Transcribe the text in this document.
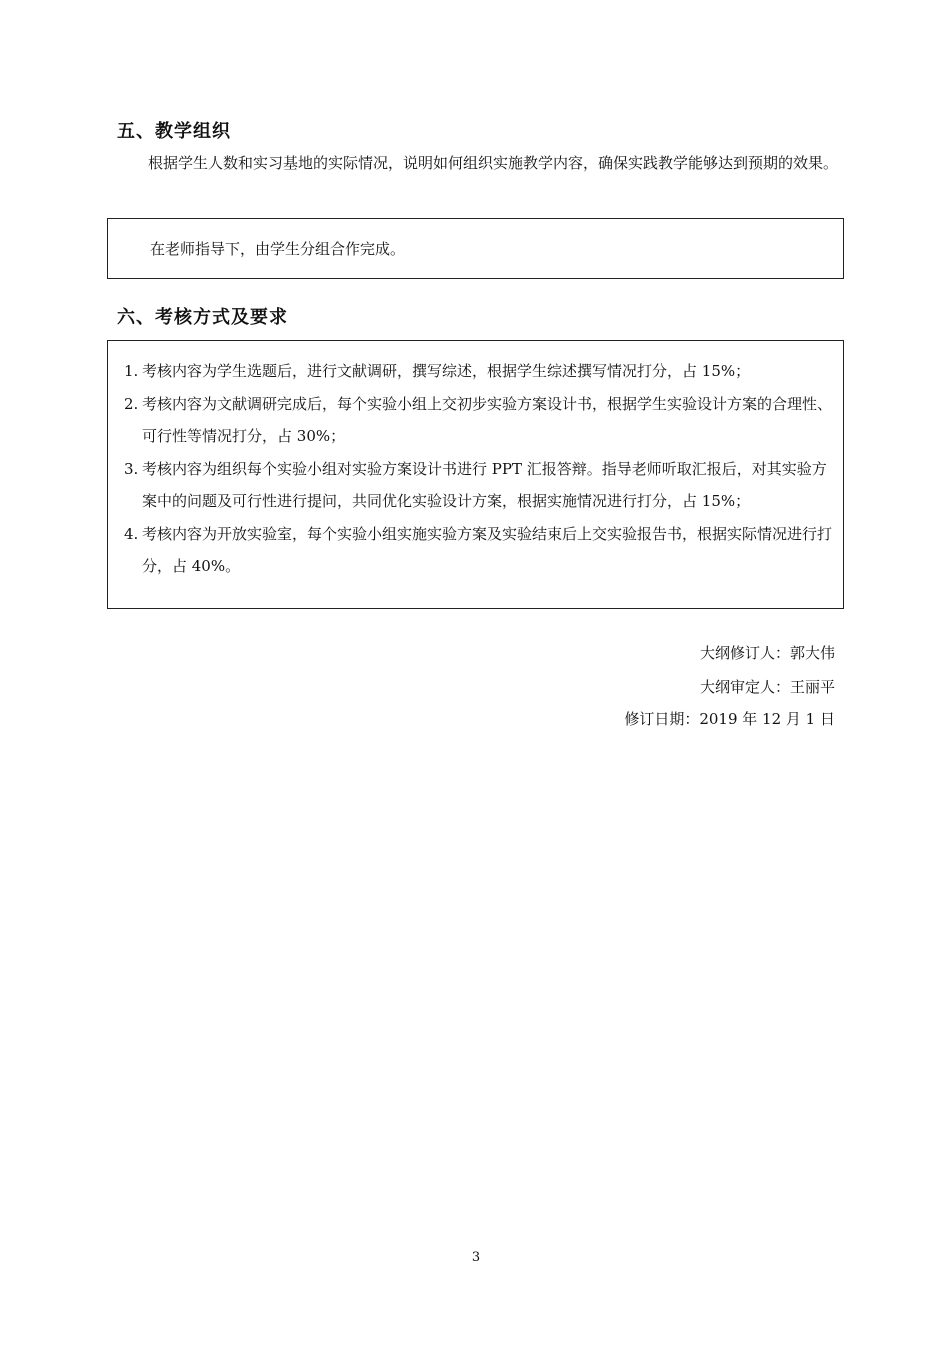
五、教学组织

根据学生人数和实习基地的实际情况，说明如何组织实施教学内容，确保实践教学能够达到预期的效果。

在老师指导下，由学生分组合作完成。

六、考核方式及要求
1. 考核内容为学生选题后，进行文献调研，撰写综述，根据学生综述撰写情况打分，占 15%；
2. 考核内容为文献调研完成后，每个实验小组上交初步实验方案设计书，根据学生实验设计方案的合理性、可行性等情况打分，占 30%；
3. 考核内容为组织每个实验小组对实验方案设计书进行 PPT 汇报答辩。指导老师听取汇报后，对其实验方案中的问题及可行性进行提问，共同优化实验设计方案，根据实施情况进行打分，占 15%；
4. 考核内容为开放实验室，每个实验小组实施实验方案及实验结束后上交实验报告书，根据实际情况进行打分，占 40%。
大纲修订人：郭大伟
大纲审定人：王丽平
修订日期：2019 年 12 月 1 日
3
